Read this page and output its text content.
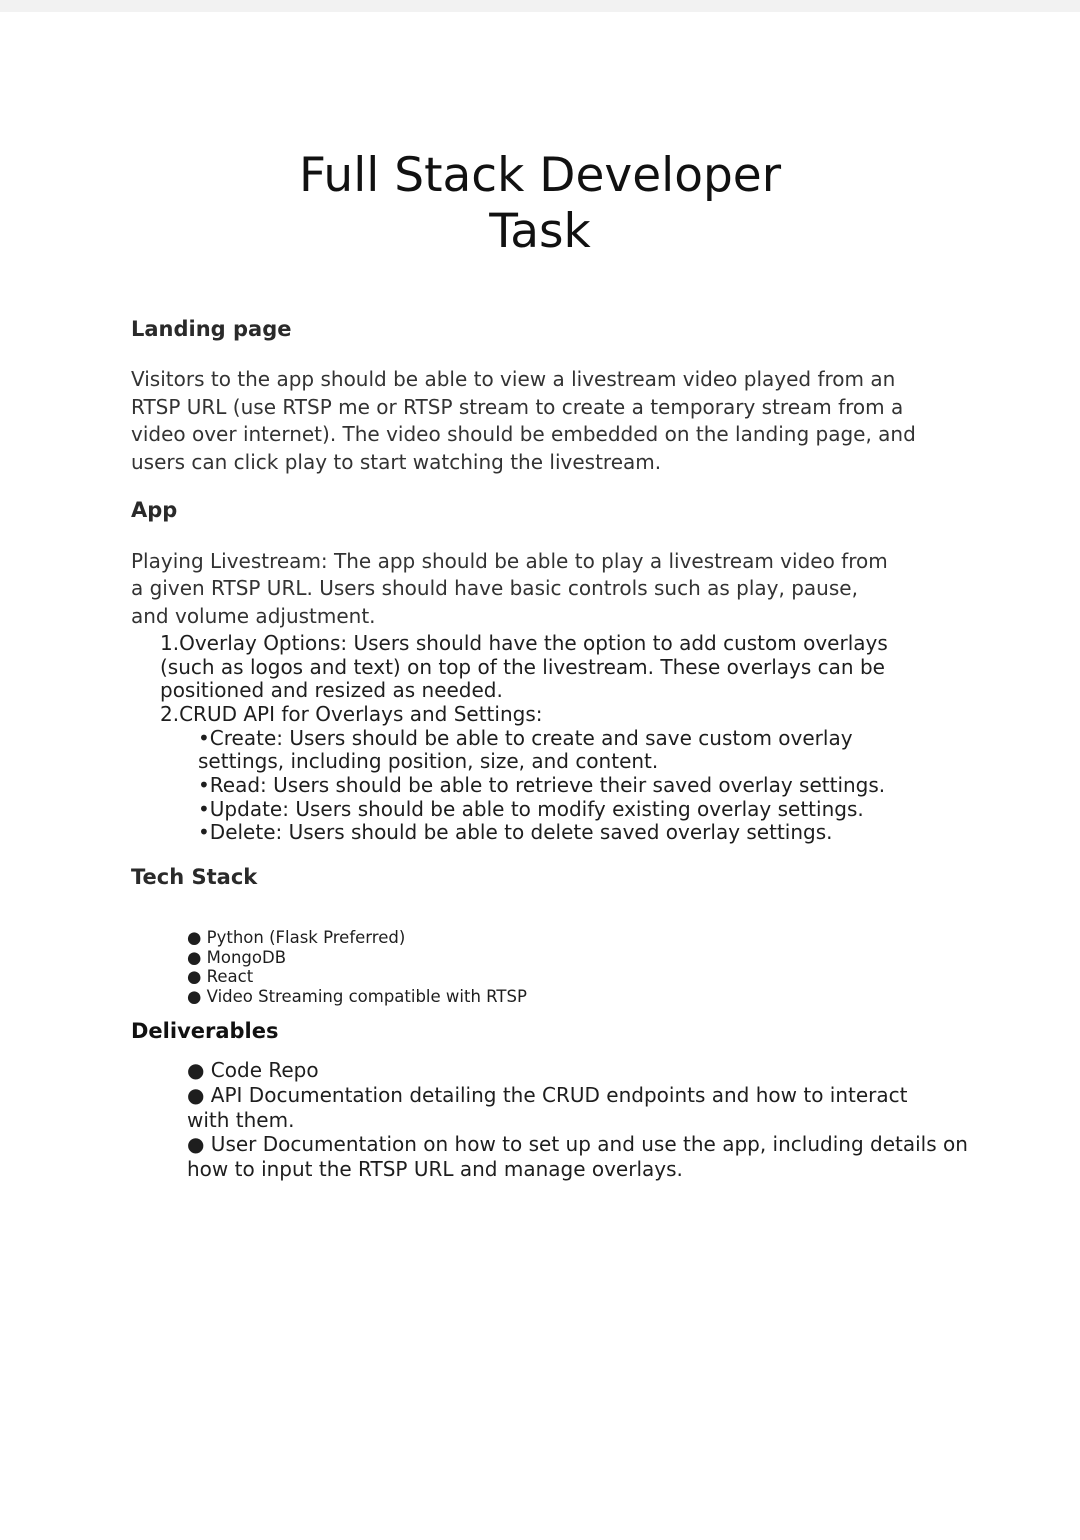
Full Stack Developer
Task
Landing page

Visitors to the app should be able to view a livestream video played from an RTSP URL (use RTSP me or RTSP stream to create a temporary stream from a video over internet). The video should be embedded on the landing page, and users can click play to start watching the livestream.

App

Playing Livestream: The app should be able to play a livestream video from

a given RTSP URL. Users should have basic controls such as play, pause,

and volume adjustment.

1.Overlay Options: Users should have the option to add custom overlays

(such as logos and text) on top of the livestream. These overlays can be

positioned and resized as needed.

2.CRUD API for Overlays and Settings:

•Create: Users should be able to create and save custom overlay

settings, including position, size, and content.

•Read: Users should be able to retrieve their saved overlay settings.

•Update: Users should be able to modify existing overlay settings.

•Delete: Users should be able to delete saved overlay settings.

Tech Stack

● Python (Flask Preferred)

● MongoDB

● React

● Video Streaming compatible with RTSP

Deliverables

● Code Repo

● API Documentation detailing the CRUD endpoints and how to interact with them.

● User Documentation on how to set up and use the app, including details on how to input the RTSP URL and manage overlays.
